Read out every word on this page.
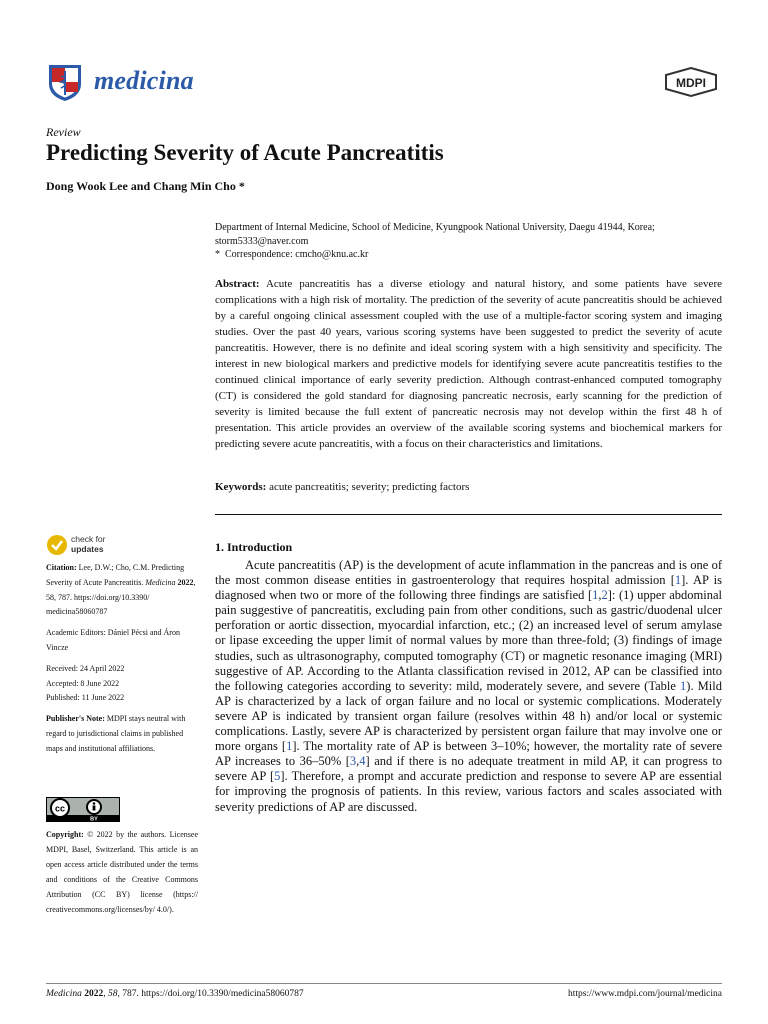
medicina	MDPI
Review
Predicting Severity of Acute Pancreatitis
Dong Wook Lee and Chang Min Cho *
Department of Internal Medicine, School of Medicine, Kyungpook National University, Daegu 41944, Korea;
storm5333@naver.com
* Correspondence: cmcho@knu.ac.kr
Abstract: Acute pancreatitis has a diverse etiology and natural history, and some patients have severe complications with a high risk of mortality. The prediction of the severity of acute pancreatitis should be achieved by a careful ongoing clinical assessment coupled with the use of a multiple-factor scoring system and imaging studies. Over the past 40 years, various scoring systems have been suggested to predict the severity of acute pancreatitis. However, there is no definite and ideal scoring system with a high sensitivity and specificity. The interest in new biological markers and predictive models for identifying severe acute pancreatitis testifies to the continued clinical importance of early severity prediction. Although contrast-enhanced computed tomography (CT) is considered the gold standard for diagnosing pancreatic necrosis, early scanning for the prediction of severity is limited because the full extent of pancreatic necrosis may not develop within the first 48 h of presentation. This article provides an overview of the available scoring systems and biochemical markers for predicting severe acute pancreatitis, with a focus on their characteristics and limitations.
Keywords: acute pancreatitis; severity; predicting factors
check for
updates

Citation: Lee, D.W.; Cho, C.M. Predicting Severity of Acute Pancreatitis. Medicina 2022, 58, 787. https://doi.org/10.3390/ medicina58060787

Academic Editors: Dániel Pécsi and Áron Vincze

Received: 24 April 2022
Accepted: 8 June 2022
Published: 11 June 2022

Publisher's Note: MDPI stays neutral with regard to jurisdictional claims in published maps and institutional affiliations.

cc
BY
Copyright: © 2022 by the authors. Licensee MDPI, Basel, Switzerland. This article is an open access article distributed under the terms and conditions of the Creative Commons Attribution (CC BY) license (https:// creativecommons.org/licenses/by/ 4.0/).
1. Introduction
Acute pancreatitis (AP) is the development of acute inflammation in the pancreas and is one of the most common disease entities in gastroenterology that requires hospital admission [1]. AP is diagnosed when two or more of the following three findings are satisfied [1,2]: (1) upper abdominal pain suggestive of pancreatitis, excluding pain from other conditions, such as gastric/duodenal ulcer perforation or aortic dissection, myocardial infarction, etc.; (2) an increased level of serum amylase or lipase exceeding the upper limit of normal values by more than three-fold; (3) findings of image studies, such as ultrasonography, computed tomography (CT) or magnetic resonance imaging (MRI) suggestive of AP. According to the Atlanta classification revised in 2012, AP can be classified into the following categories according to severity: mild, moderately severe, and severe (Table 1). Mild AP is characterized by a lack of organ failure and no local or systemic complications. Moderately severe AP is indicated by transient organ failure (resolves within 48 h) and/or local or systemic complications. Lastly, severe AP is characterized by persistent organ failure that may involve one or more organs [1]. The mortality rate of AP is between 3–10%; however, the mortality rate of severe AP increases to 36–50% [3,4] and if there is no adequate treatment in mild AP, it can progress to severe AP [5]. Therefore, a prompt and accurate prediction and response to severe AP are essential for improving the prognosis of patients. In this review, various factors and scales associated with severity predictions of AP are discussed.
Medicina 2022, 58, 787. https://doi.org/10.3390/medicina58060787	https://www.mdpi.com/journal/medicina
